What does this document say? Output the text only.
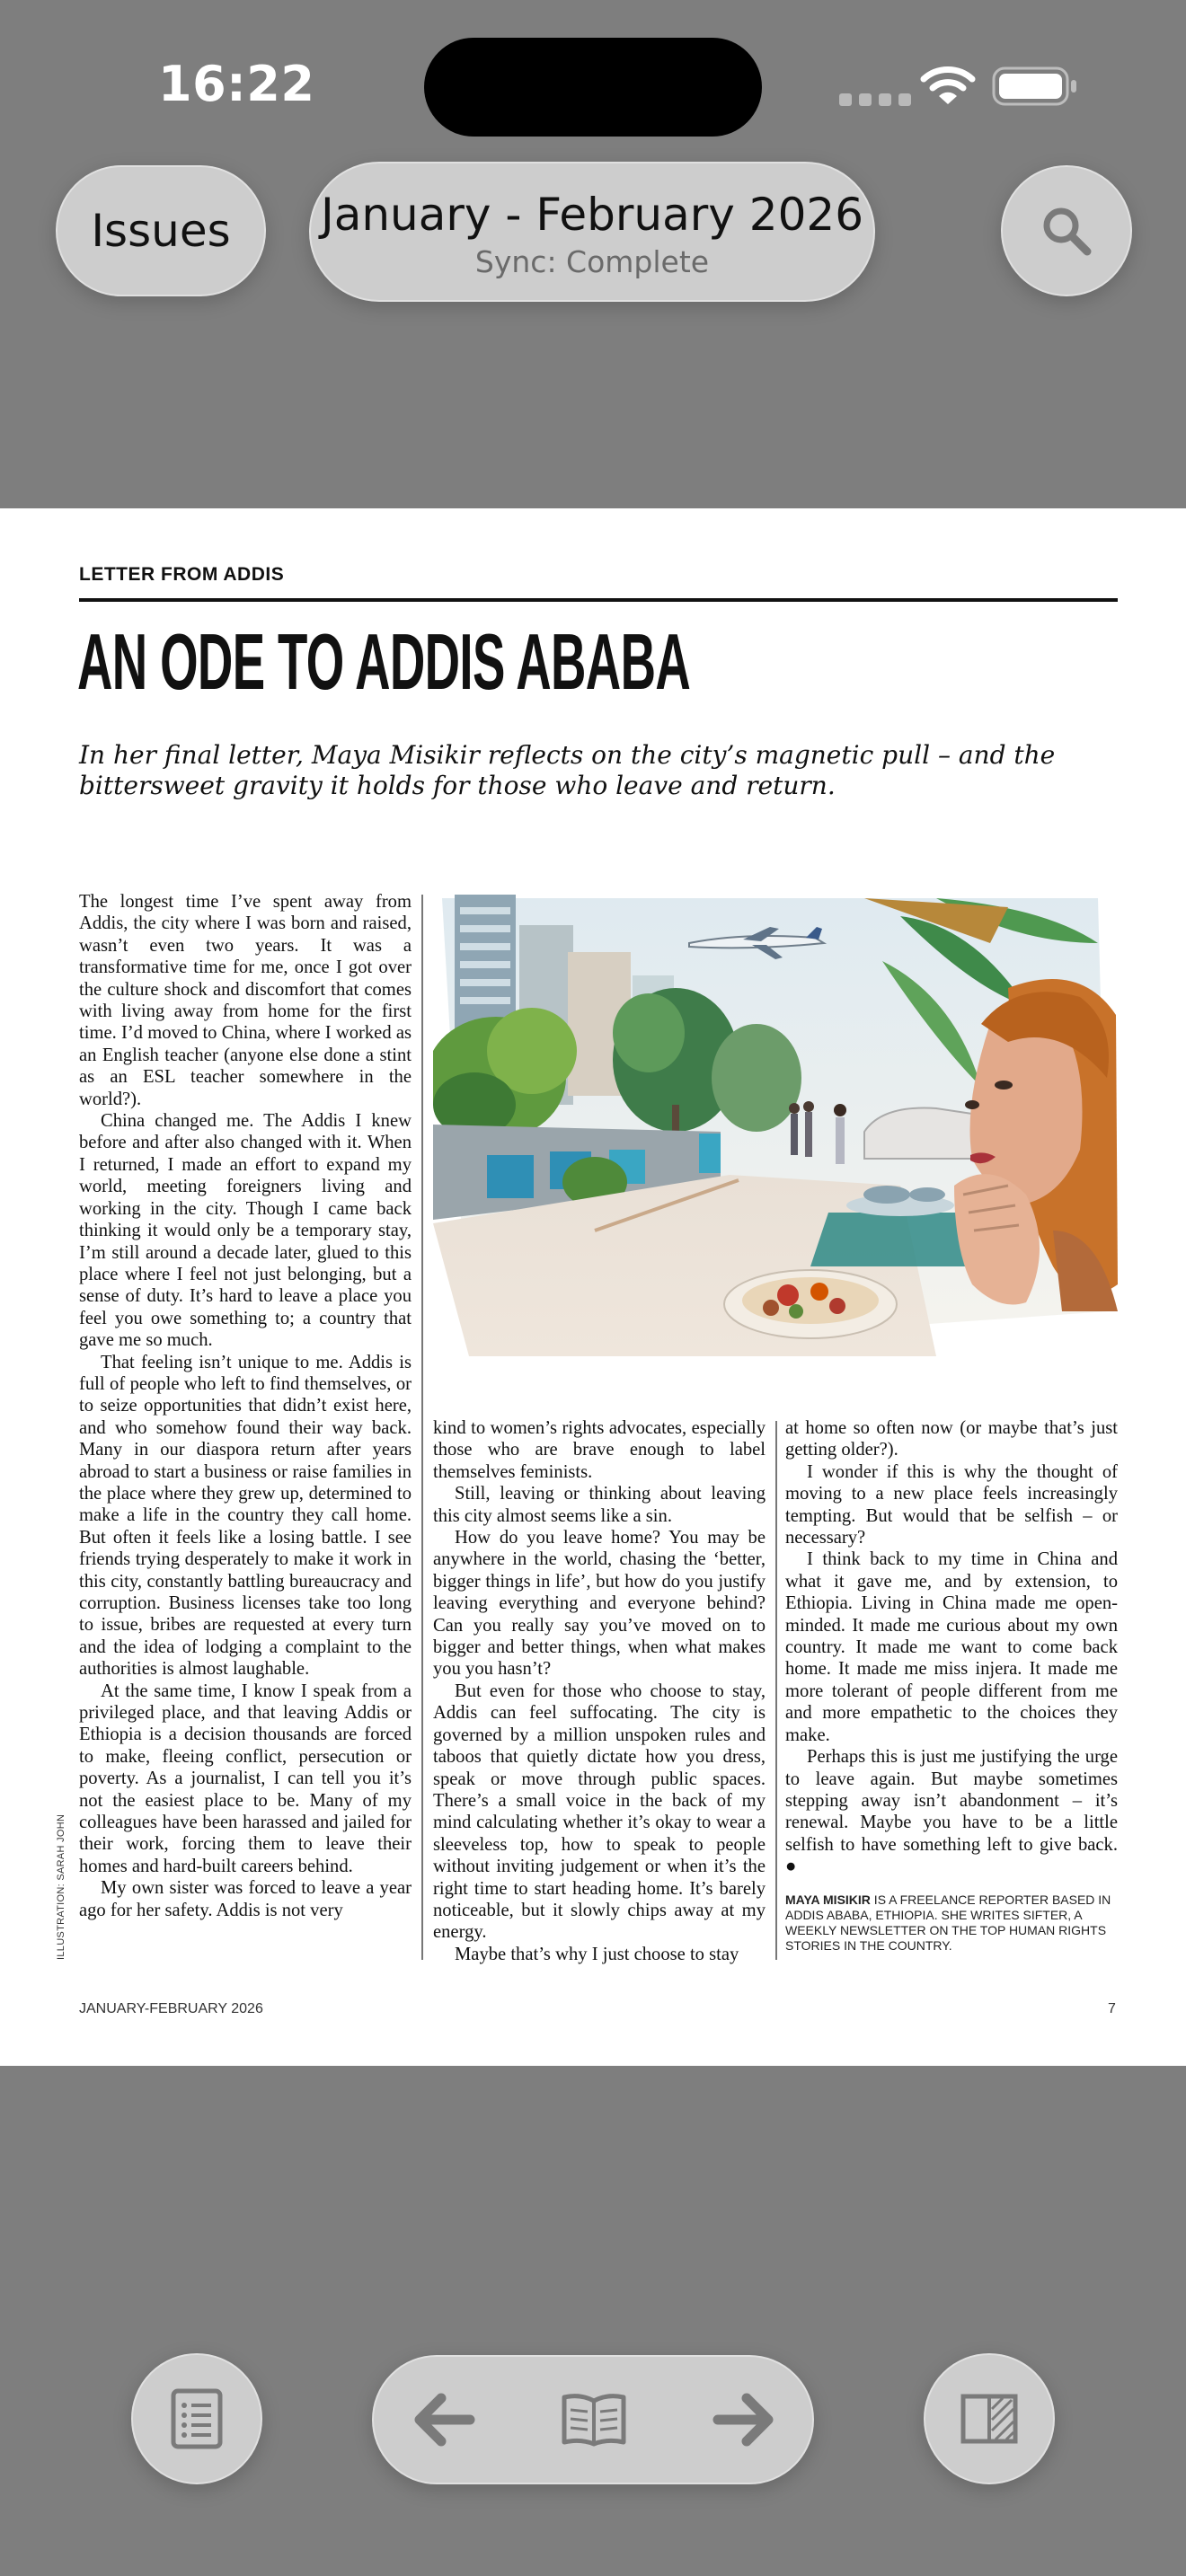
16:22
Issues January - February 2026
Sync: Complete
LETTER FROM ADDIS
AN ODE TO ADDIS ABABA
In her final letter, Maya Misikir reflects on the city’s magnetic pull – and the bittersweet gravity it holds for those who leave and return.

The longest time I’ve spent away from Addis, the city where I was born and raised, wasn’t even two years. It was a transformative time for me, once I got over the culture shock and discomfort that comes with living away from home for the first time. I’d moved to China, where I worked as an English teacher (anyone else done a stint as an ESL teacher somewhere in the world?).

China changed me. The Addis I knew before and after also changed with it. When I returned, I made an effort to expand my world, meeting foreigners living and working in the city. Though I came back thinking it would only be a temporary stay, I’m still around a decade later, glued to this place where I feel not just belonging, but a sense of duty. It’s hard to leave a place you feel you owe something to; a country that gave me so much.

That feeling isn’t unique to me. Addis is full of people who left to find themselves, or to seize opportunities that didn’t exist here, and who somehow found their way back. Many in our diaspora return after years abroad to start a business or raise families in the place where they grew up, determined to make a life in the country they call home. But often it feels like a losing battle. I see friends trying desperately to make it work in this city, constantly battling bureaucracy and corruption. Business licenses take too long to issue, bribes are requested at every turn and the idea of lodging a complaint to the authorities is almost laughable.

At the same time, I know I speak from a privileged place, and that leaving Addis or Ethiopia is a decision thousands are forced to make, fleeing conflict, persecution or poverty. As a journalist, I can tell you it’s not the easiest place to be. Many of my colleagues have been harassed and jailed for their work, forcing them to leave their homes and hard-built careers behind.

My own sister was forced to leave a year ago for her safety. Addis is not very

kind to women’s rights advocates, especially those who are brave enough to label themselves feminists.

Still, leaving or thinking about leaving this city almost seems like a sin.

How do you leave home? You may be anywhere in the world, chasing the ‘better, bigger things in life’, but how do you justify leaving everything and everyone behind? Can you really say you’ve moved on to bigger and better things, when what makes you you hasn’t?

But even for those who choose to stay, Addis can feel suffocating. The city is governed by a million unspoken rules and taboos that quietly dictate how you dress, speak or move through public spaces. There’s a small voice in the back of my mind calculating whether it’s okay to wear a sleeveless top, how to speak to people without inviting judgement or when it’s the right time to start heading home. It’s barely noticeable, but it slowly chips away at my energy.

Maybe that’s why I just choose to stay

at home so often now (or maybe that’s just getting older?).

I wonder if this is why the thought of moving to a new place feels increasingly tempting. But would that be selfish – or necessary?

I think back to my time in China and what it gave me, and by extension, to Ethiopia. Living in China made me open-minded. It made me curious about my own country. It made me want to come back home. It made me miss injera. It made me more tolerant of people different from me and more empathetic to the choices they make.

Perhaps this is just me justifying the urge to leave again. But maybe sometimes stepping away isn’t abandonment – it’s renewal. Maybe you have to be a little selfish to have something left to give back. ●

MAYA MISIKIR IS A FREELANCE REPORTER BASED IN ADDIS ABABA, ETHIOPIA. SHE WRITES SIFTER, A WEEKLY NEWSLETTER ON THE TOP HUMAN RIGHTS STORIES IN THE COUNTRY.
ILLUSTRATION: SARAH JOHN
JANUARY-FEBRUARY 2026	7
